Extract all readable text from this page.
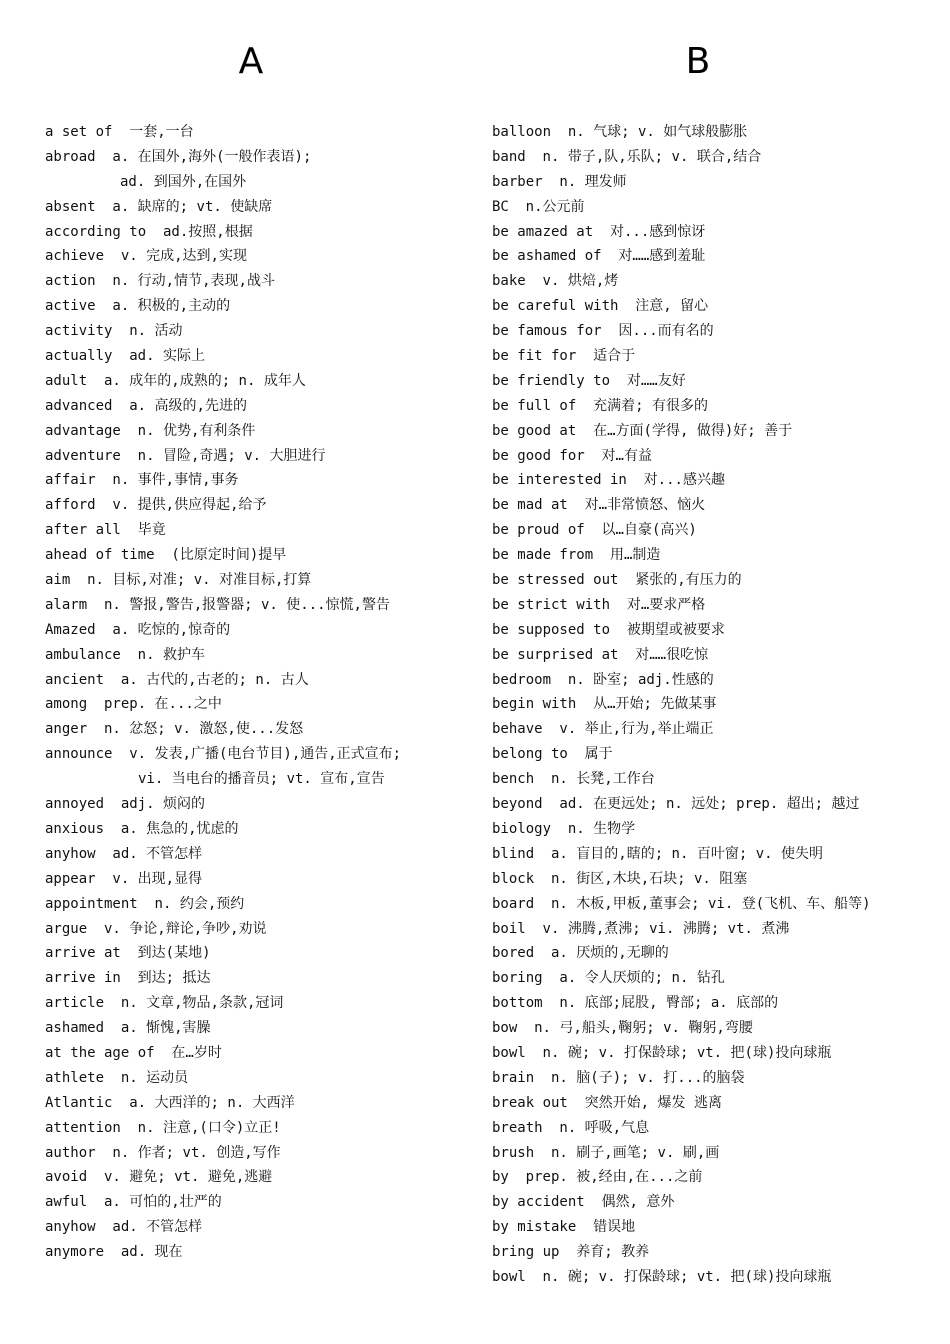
A	B
a set of 一套,一台
abroad a. 在国外,海外(一般作表语);
ad. 到国外,在国外
absent a. 缺席的; vt. 使缺席
according to ad.按照,根据
achieve v. 完成,达到,实现
action n. 行动,情节,表现,战斗
active a. 积极的,主动的
activity n. 活动
actually ad. 实际上
adult a. 成年的,成熟的; n. 成年人
advanced a. 高级的,先进的
advantage n. 优势,有利条件
adventure n. 冒险,奇遇; v. 大胆进行
affair n. 事件,事情,事务
afford v. 提供,供应得起,给予
after all 毕竟
ahead of time (比原定时间)提早
aim n. 目标,对准; v. 对准目标,打算
alarm n. 警报,警告,报警器; v. 使...惊慌,警告
Amazed a. 吃惊的,惊奇的
ambulance n. 救护车
ancient a. 古代的,古老的; n. 古人
among prep. 在...之中
anger n. 忿怒; v. 激怒,使...发怒
announce v. 发表,广播(电台节目),通告,正式宣布;
vi. 当电台的播音员; vt. 宣布,宣告
annoyed adj. 烦闷的
anxious a. 焦急的,忧虑的
anyhow ad. 不管怎样
appear v. 出现,显得
appointment n. 约会,预约
argue v. 争论,辩论,争吵,劝说
arrive at 到达(某地)
arrive in 到达; 抵达
article n. 文章,物品,条款,冠词
ashamed a. 惭愧,害臊
at the age of 在…岁时
athlete n. 运动员
Atlantic a. 大西洋的; n. 大西洋
attention n. 注意,(口令)立正!
author n. 作者; vt. 创造,写作
avoid v. 避免; vt. 避免,逃避
awful a. 可怕的,壮严的
anyhow ad. 不管怎样
anymore ad. 现在
balloon n. 气球; v. 如气球般膨胀
band n. 带子,队,乐队; v. 联合,结合
barber n. 理发师
BC n.公元前
be amazed at 对...感到惊讶
be ashamed of 对……感到羞耻
bake v. 烘焙,烤
be careful with 注意, 留心
be famous for 因...而有名的
be fit for 适合于
be friendly to 对……友好
be full of 充满着; 有很多的
be good at 在…方面(学得, 做得)好; 善于
be good for 对…有益
be interested in 对...感兴趣
be mad at 对…非常愤怒、恼火
be proud of 以…自豪(高兴)
be made from 用…制造
be stressed out 紧张的,有压力的
be strict with 对…要求严格
be supposed to 被期望或被要求
be surprised at 对……很吃惊
bedroom n. 卧室; adj.性感的
begin with 从…开始; 先做某事
behave v. 举止,行为,举止端正
belong to 属于
bench n. 长凳,工作台
beyond ad. 在更远处; n. 远处; prep. 超出; 越过
biology n. 生物学
blind a. 盲目的,瞎的; n. 百叶窗; v. 使失明
block n. 街区,木块,石块; v. 阻塞
board n. 木板,甲板,董事会; vi. 登(飞机、车、船等)
boil v. 沸腾,煮沸; vi. 沸腾; vt. 煮沸
bored a. 厌烦的,无聊的
boring a. 令人厌烦的; n. 钻孔
bottom n. 底部;屁股, 臀部; a. 底部的
bow n. 弓,船头,鞠躬; v. 鞠躬,弯腰
bowl n. 碗; v. 打保龄球; vt. 把(球)投向球瓶
brain n. 脑(子); v. 打...的脑袋
break out 突然开始, 爆发 逃离
breath n. 呼吸,气息
brush n. 刷子,画笔; v. 刷,画
by prep. 被,经由,在...之前
by accident 偶然, 意外
by mistake 错误地
bring up 养育; 教养
bowl n. 碗; v. 打保龄球; vt. 把(球)投向球瓶
